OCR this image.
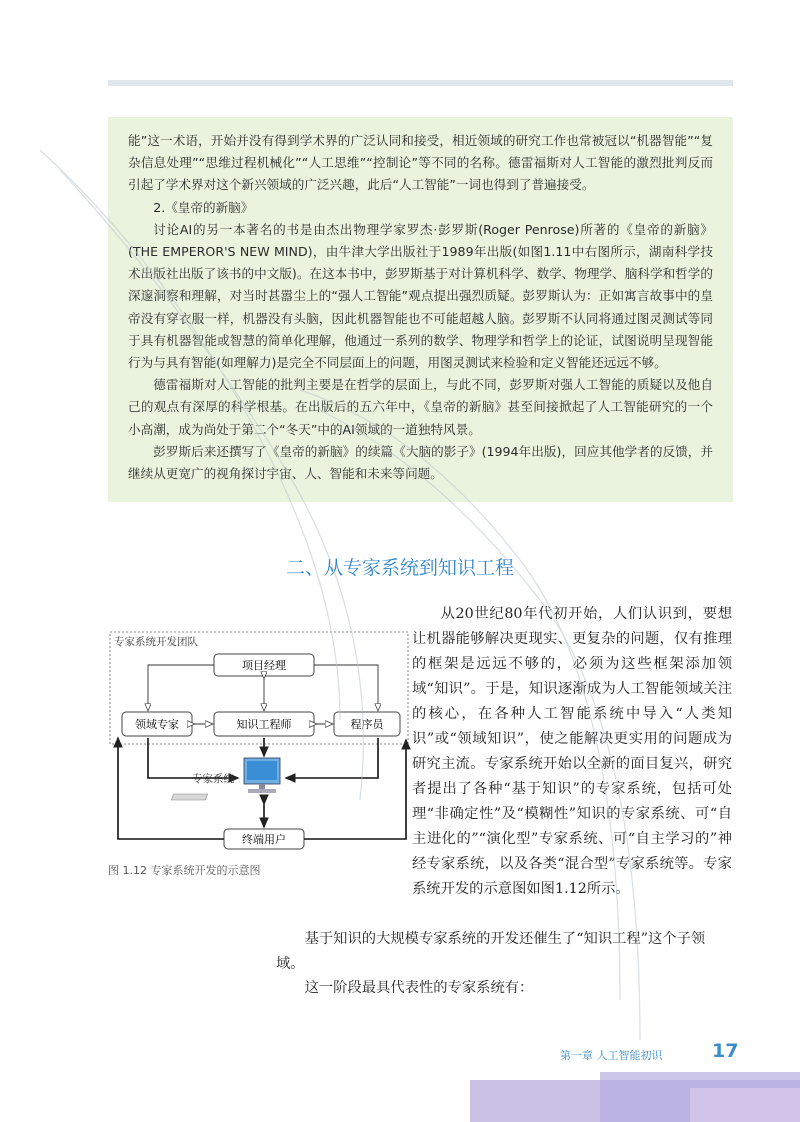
能”这一术语，开始并没有得到学术界的广泛认同和接受，相近领域的研究工作也常被冠以“机器智能”“复杂信息处理”“思维过程机械化”“人工思维”“控制论”等不同的名称。德雷福斯对人工智能的激烈批判反而引起了学术界对这个新兴领域的广泛兴趣，此后“人工智能”一词也得到了普遍接受。

2.《皇帝的新脑》

讨论AI的另一本著名的书是由杰出物理学家罗杰·彭罗斯(Roger Penrose)所著的《皇帝的新脑》(THE EMPEROR'S NEW MIND)，由牛津大学出版社于1989年出版(如图1.11中右图所示，湖南科学技术出版社出版了该书的中文版)。在这本书中，彭罗斯基于对计算机科学、数学、物理学、脑科学和哲学的深邃洞察和理解，对当时甚嚣尘上的“强人工智能”观点提出强烈质疑。彭罗斯认为：正如寓言故事中的皇帝没有穿衣服一样，机器没有头脑，因此机器智能也不可能超越人脑。彭罗斯不认同将通过图灵测试等同于具有机器智能或智慧的简单化理解，他通过一系列的数学、物理学和哲学上的论证，试图说明呈现智能行为与具有智能(如理解力)是完全不同层面上的问题，用图灵测试来检验和定义智能还远远不够。

德雷福斯对人工智能的批判主要是在哲学的层面上，与此不同，彭罗斯对强人工智能的质疑以及他自己的观点有深厚的科学根基。在出版后的五六年中，《皇帝的新脑》甚至间接掀起了人工智能研究的一个小高潮，成为尚处于第二个“冬天”中的AI领域的一道独特风景。

彭罗斯后来还撰写了《皇帝的新脑》的续篇《大脑的影子》(1994年出版)，回应其他学者的反馈，并继续从更宽广的视角探讨宇宙、人、智能和未来等问题。

二、从专家系统到知识工程

从20世纪80年代初开始，人们认识到，要想让机器能够解决更现实、更复杂的问题，仅有推理的框架是远远不够的，必须为这些框架添加领域“知识”。于是，知识逐渐成为人工智能领域关注的核心，在各种人工智能系统中导入“人类知识”或“领域知识”，使之能解决更实用的问题成为研究主流。专家系统开始以全新的面目复兴，研究者提出了各种“基于知识”的专家系统，包括可处理“非确定性”及“模糊性”知识的专家系统、可“自主进化的”“演化型”专家系统、可“自主学习的”神经专家系统，以及各类“混合型”专家系统等。专家系统开发的示意图如图1.12所示。

专家系统开发团队
项目经理
领域专家	知识工程师	程序员
专家系统
终端用户
图 1.12 专家系统开发的示意图

基于知识的大规模专家系统的开发还催生了“知识工程”这个子领域。

这一阶段最具代表性的专家系统有：

第一章 人工智能初识	17
